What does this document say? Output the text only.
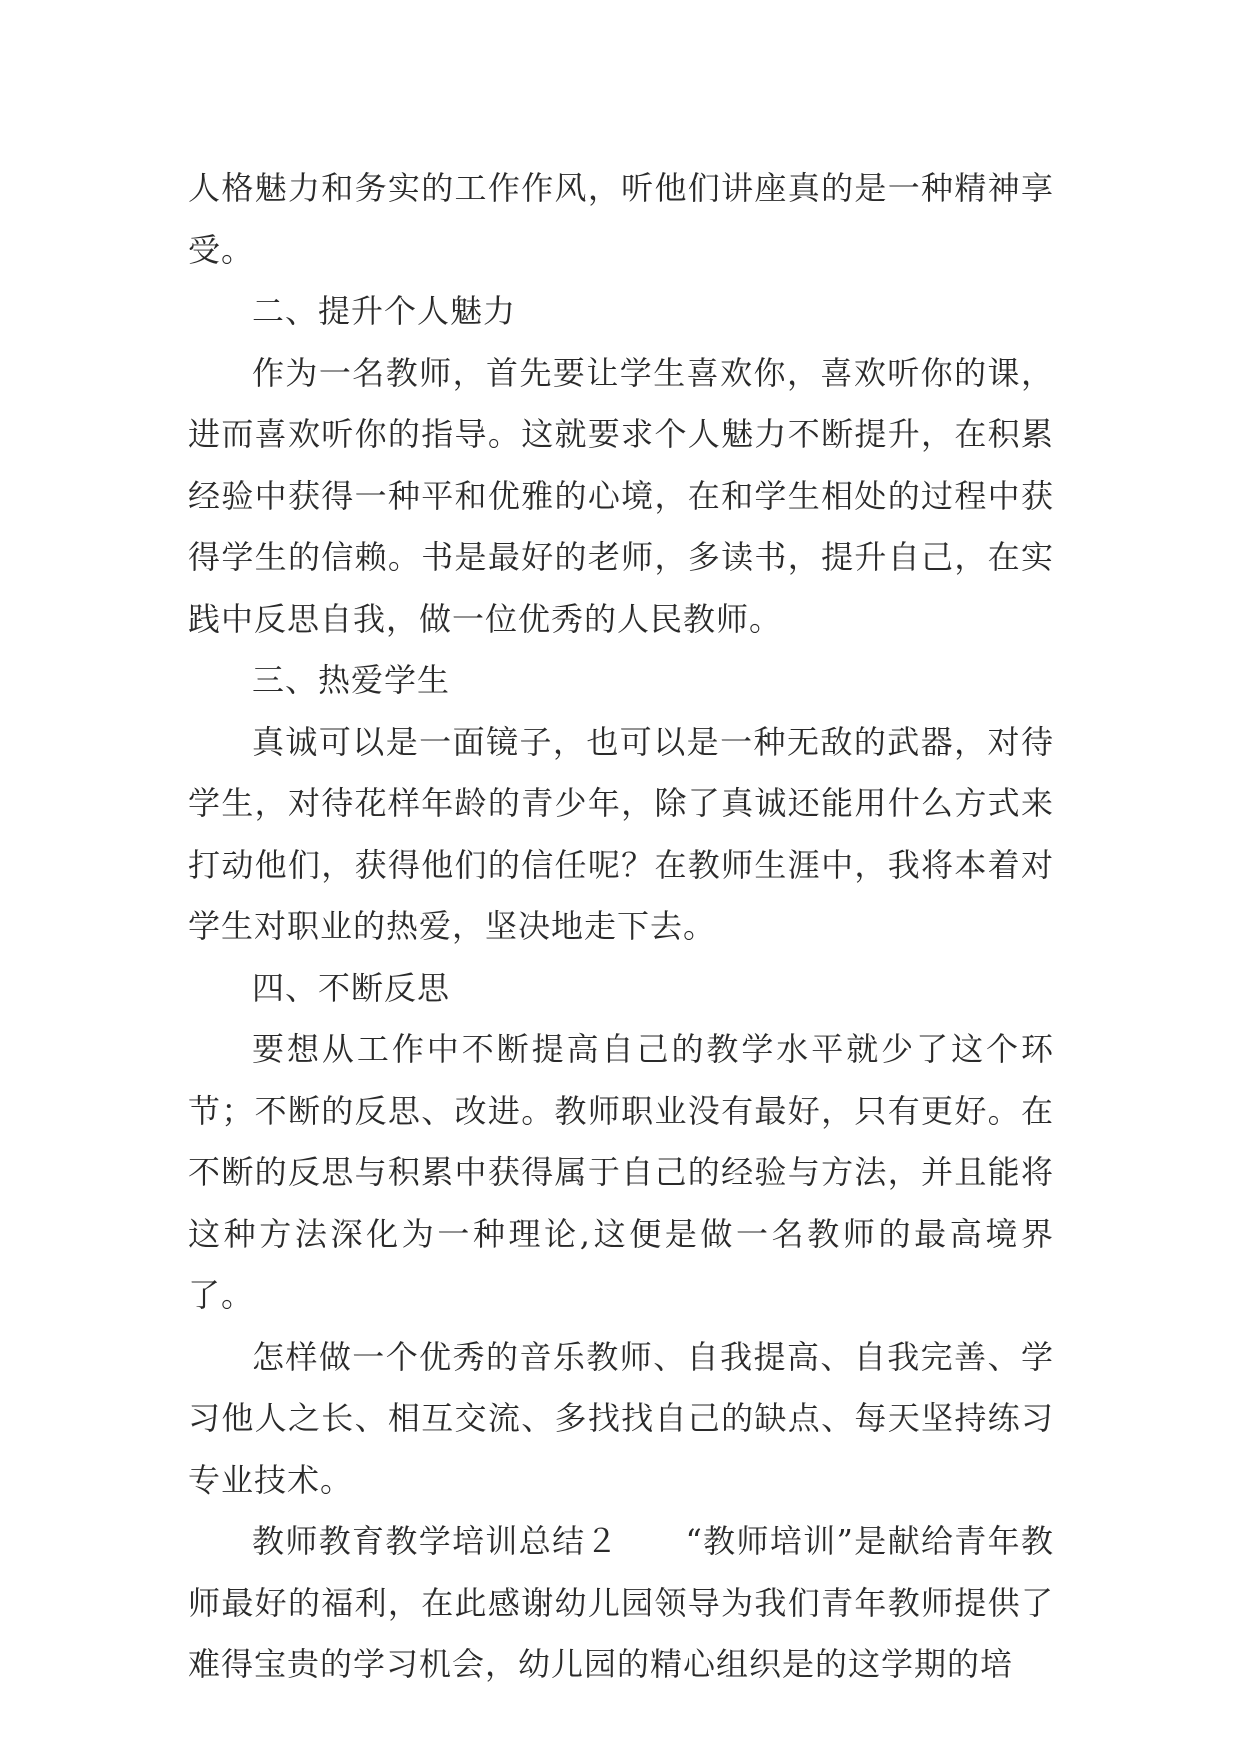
人格魅力和务实的工作作风，听他们讲座真的是一种精神享受。

二、提升个人魅力

作为一名教师，首先要让学生喜欢你，喜欢听你的课，进而喜欢听你的指导。这就要求个人魅力不断提升，在积累经验中获得一种平和优雅的心境，在和学生相处的过程中获得学生的信赖。书是最好的老师，多读书，提升自己，在实践中反思自我，做一位优秀的人民教师。

三、热爱学生

真诚可以是一面镜子，也可以是一种无敌的武器，对待学生，对待花样年龄的青少年，除了真诚还能用什么方式来打动他们，获得他们的信任呢？在教师生涯中，我将本着对学生对职业的热爱，坚决地走下去。

四、不断反思

要想从工作中不断提高自己的教学水平就少了这个环节；不断的反思、改进。教师职业没有最好，只有更好。在不断的反思与积累中获得属于自己的经验与方法，并且能将这种方法深化为一种理论,这便是做一名教师的最高境界了。

怎样做一个优秀的音乐教师、自我提高、自我完善、学习他人之长、相互交流、多找找自己的缺点、每天坚持练习专业技术。

教师教育教学培训总结２　　“教师培训”是献给青年教师最好的福利，在此感谢幼儿园领导为我们青年教师提供了难得宝贵的学习机会，幼儿园的精心组织是的这学期的培
